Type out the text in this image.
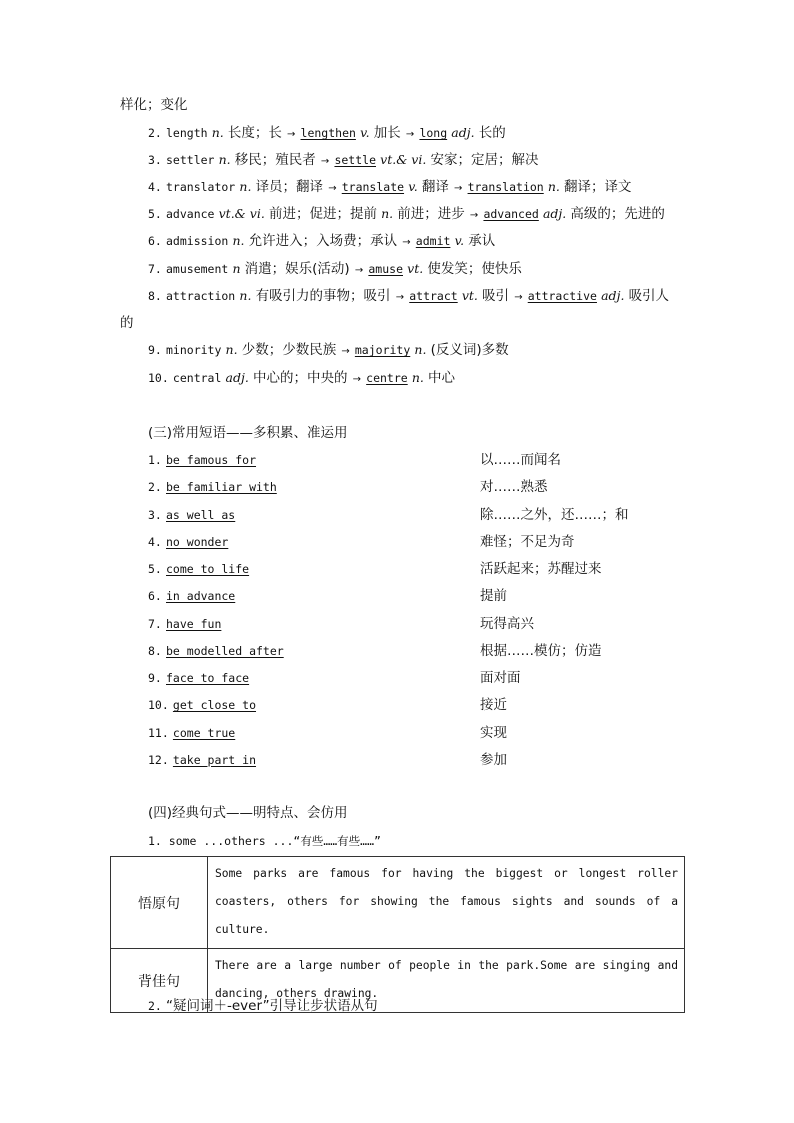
样化；变化
2. length n. 长度；长 → lengthen v. 加长 → long adj. 长的
3. settler n. 移民；殖民者 → settle vt.& vi. 安家；定居；解决
4. translator n. 译员；翻译 → translate v. 翻译 → translation n. 翻译；译文
5. advance vt.& vi. 前进；促进；提前 n. 前进；进步 → advanced adj. 高级的；先进的
6. admission n. 允许进入；入场费；承认 → admit v. 承认
7. amusement n 消遣；娱乐(活动) → amuse vt. 使发笑；使快乐
8. attraction n. 有吸引力的事物；吸引 → attract vt. 吸引 → attractive adj. 吸引人
的
9. minority n. 少数；少数民族 → majority n. (反义词)多数
10. central adj. 中心的；中央的 → centre n. 中心
(三)常用短语——多积累、准运用
1. be famous for	以……而闻名
2. be familiar with	对……熟悉
3. as well as	除……之外，还……；和
4. no wonder	难怪；不足为奇
5. come to life	活跃起来；苏醒过来
6. in advance	提前
7. have fun	玩得高兴
8. be modelled after	根据……模仿；仿造
9. face to face	面对面
10. get close to	接近
11. come true	实现
12. take part in	参加
(四)经典句式——明特点、会仿用
1. some ...others ...“有些……有些……”
悟原句	Some parks are famous for having the biggest or longest roller coasters, others for showing the famous sights and sounds of a culture.
背佳句	There are a large number of people in the park.Some are singing and dancing, others drawing.
2. “疑问词＋-ever”引导让步状语从句
